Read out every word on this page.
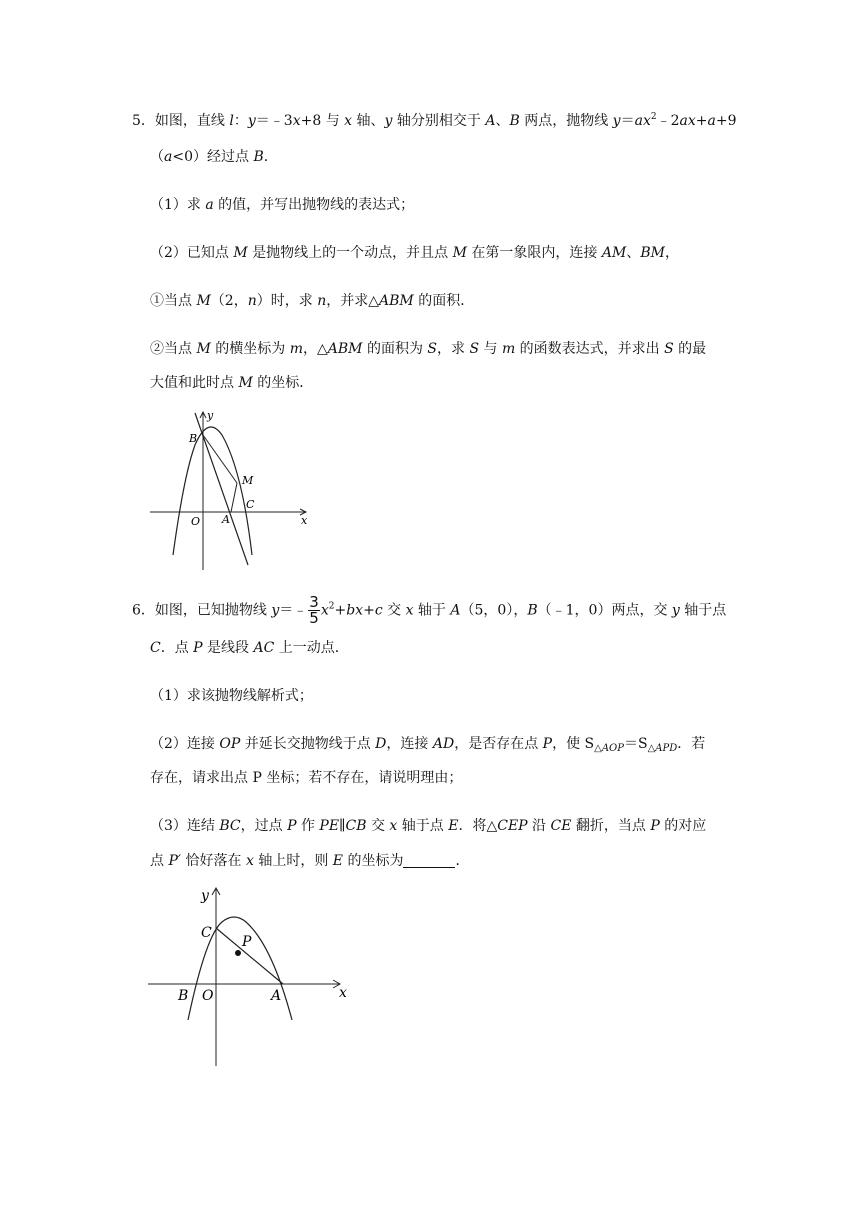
5．如图，直线 l：y＝﹣3x+8 与 x 轴、y 轴分别相交于 A、B 两点，抛物线 $y=ax^2﹣2ax+a+9$
（a<0）经过点 B．
（1）求 a 的值，并写出抛物线的表达式；
（2）已知点 M 是抛物线上的一个动点，并且点 M 在第一象限内，连接 AM、BM，
①当点 M（2，n）时，求 n，并求△ABM 的面积．
②当点 M 的横坐标为 m，△ABM 的面积为 S，求 S 与 m 的函数表达式，并求出 S 的最
大值和此时点 M 的坐标．
y
B
M
C
O A	x
6．如图，已知抛物线 y＝﹣ $\frac{3}{5} x^2+bx+c$ 交 x 轴于 A（5，0），B（﹣1，0）两点，交 y 轴于点
C．点 P 是线段 AC 上一动点．
（1）求该抛物线解析式；
（2）连接 OP 并延长交抛物线于点 D，连接 AD，是否存在点 P，使 $S_{\triangle AOP}=S_{\triangle APD}$．若
存在，请求出点 P 坐标；若不存在，请说明理由；
（3）连结 BC，过点 P 作 PE∥CB 交 x 轴于点 E．将△CEP 沿 CE 翻折，当点 P 的对应
点 P′ 恰好落在 x 轴上时，则 E 的坐标为	．
y
C
P
B O	A	x
